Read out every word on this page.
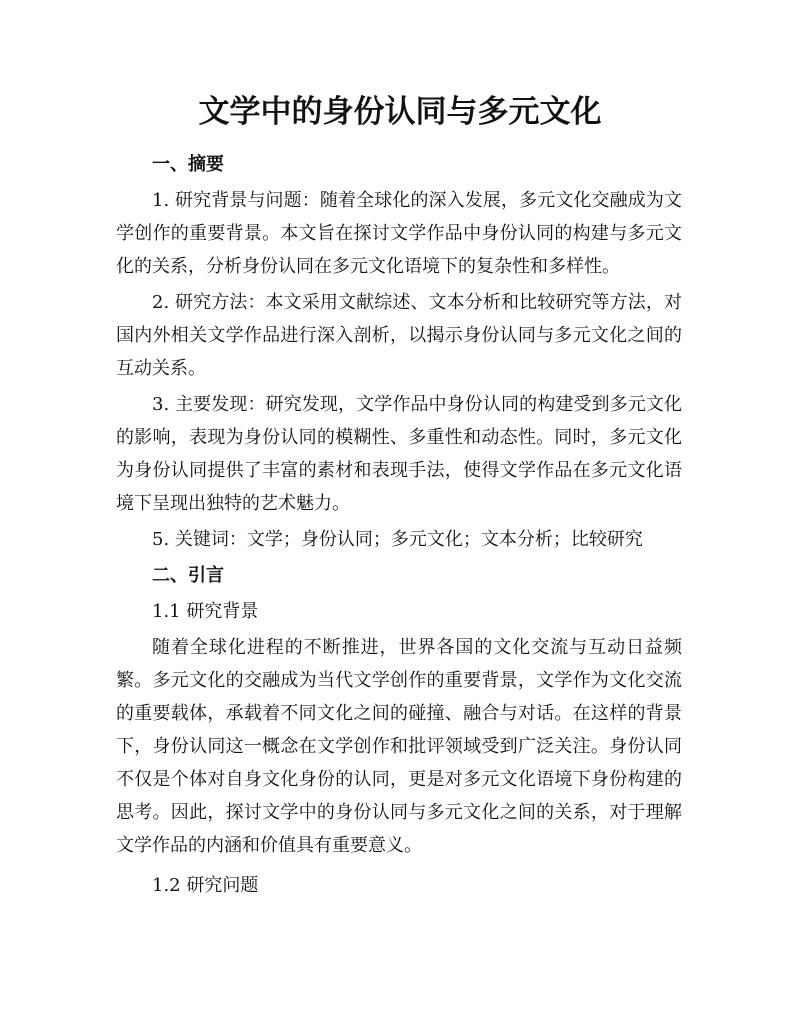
文学中的身份认同与多元文化
一、摘要

1. 研究背景与问题：随着全球化的深入发展，多元文化交融成为文学创作的重要背景。本文旨在探讨文学作品中身份认同的构建与多元文化的关系，分析身份认同在多元文化语境下的复杂性和多样性。

2. 研究方法：本文采用文献综述、文本分析和比较研究等方法，对国内外相关文学作品进行深入剖析，以揭示身份认同与多元文化之间的互动关系。

3. 主要发现：研究发现，文学作品中身份认同的构建受到多元文化的影响，表现为身份认同的模糊性、多重性和动态性。同时，多元文化为身份认同提供了丰富的素材和表现手法，使得文学作品在多元文化语境下呈现出独特的艺术魅力。

5. 关键词：文学；身份认同；多元文化；文本分析；比较研究

二、引言
1.1 研究背景

随着全球化进程的不断推进，世界各国的文化交流与互动日益频繁。多元文化的交融成为当代文学创作的重要背景，文学作为文化交流的重要载体，承载着不同文化之间的碰撞、融合与对话。在这样的背景下，身份认同这一概念在文学创作和批评领域受到广泛关注。身份认同不仅是个体对自身文化身份的认同，更是对多元文化语境下身份构建的思考。因此，探讨文学中的身份认同与多元文化之间的关系，对于理解文学作品的内涵和价值具有重要意义。

1.2 研究问题
